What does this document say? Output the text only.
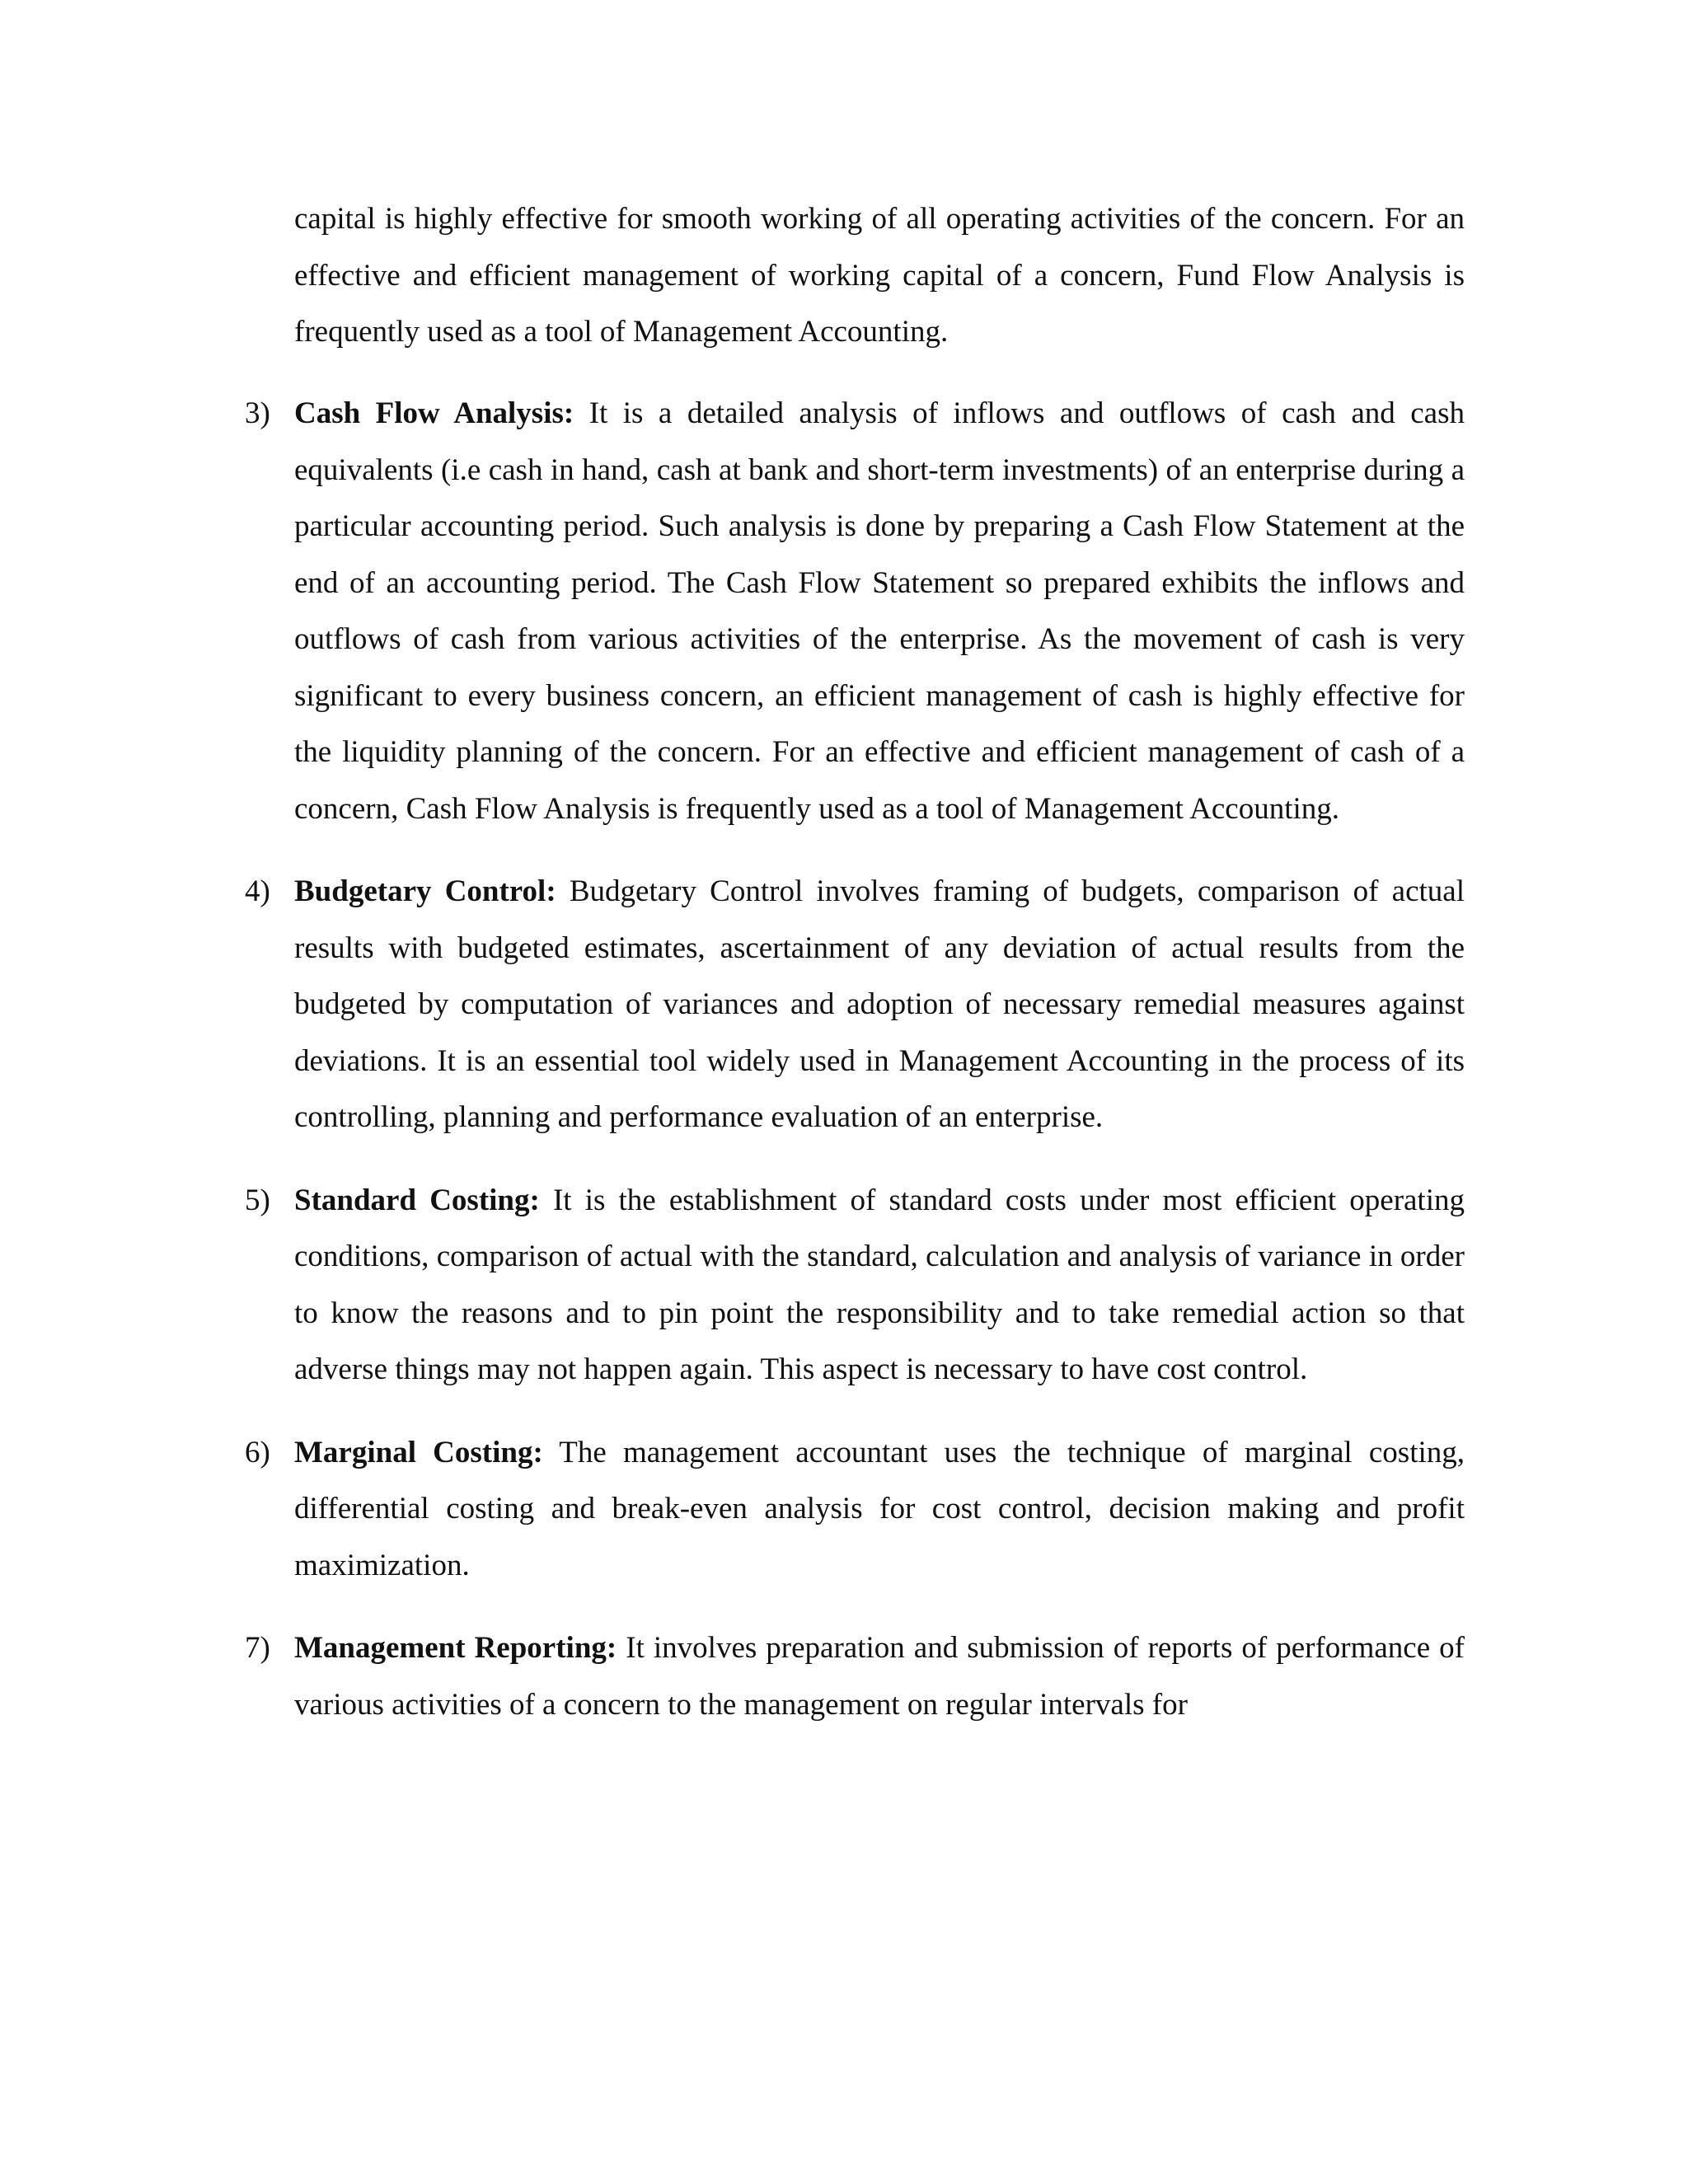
capital is highly effective for smooth working of all operating activities of the concern. For an effective and efficient management of working capital of a concern, Fund Flow Analysis is frequently used as a tool of Management Accounting.

3) Cash Flow Analysis: It is a detailed analysis of inflows and outflows of cash and cash equivalents (i.e cash in hand, cash at bank and short-term investments) of an enterprise during a particular accounting period. Such analysis is done by preparing a Cash Flow Statement at the end of an accounting period. The Cash Flow Statement so prepared exhibits the inflows and outflows of cash from various activities of the enterprise. As the movement of cash is very significant to every business concern, an efficient management of cash is highly effective for the liquidity planning of the concern. For an effective and efficient management of cash of a concern, Cash Flow Analysis is frequently used as a tool of Management Accounting.
4) Budgetary Control: Budgetary Control involves framing of budgets, comparison of actual results with budgeted estimates, ascertainment of any deviation of actual results from the budgeted by computation of variances and adoption of necessary remedial measures against deviations. It is an essential tool widely used in Management Accounting in the process of its controlling, planning and performance evaluation of an enterprise.
5) Standard Costing: It is the establishment of standard costs under most efficient operating conditions, comparison of actual with the standard, calculation and analysis of variance in order to know the reasons and to pin point the responsibility and to take remedial action so that adverse things may not happen again. This aspect is necessary to have cost control.
6) Marginal Costing: The management accountant uses the technique of marginal costing, differential costing and break-even analysis for cost control, decision making and profit maximization.
7) Management Reporting: It involves preparation and submission of reports of performance of various activities of a concern to the management on regular intervals for
